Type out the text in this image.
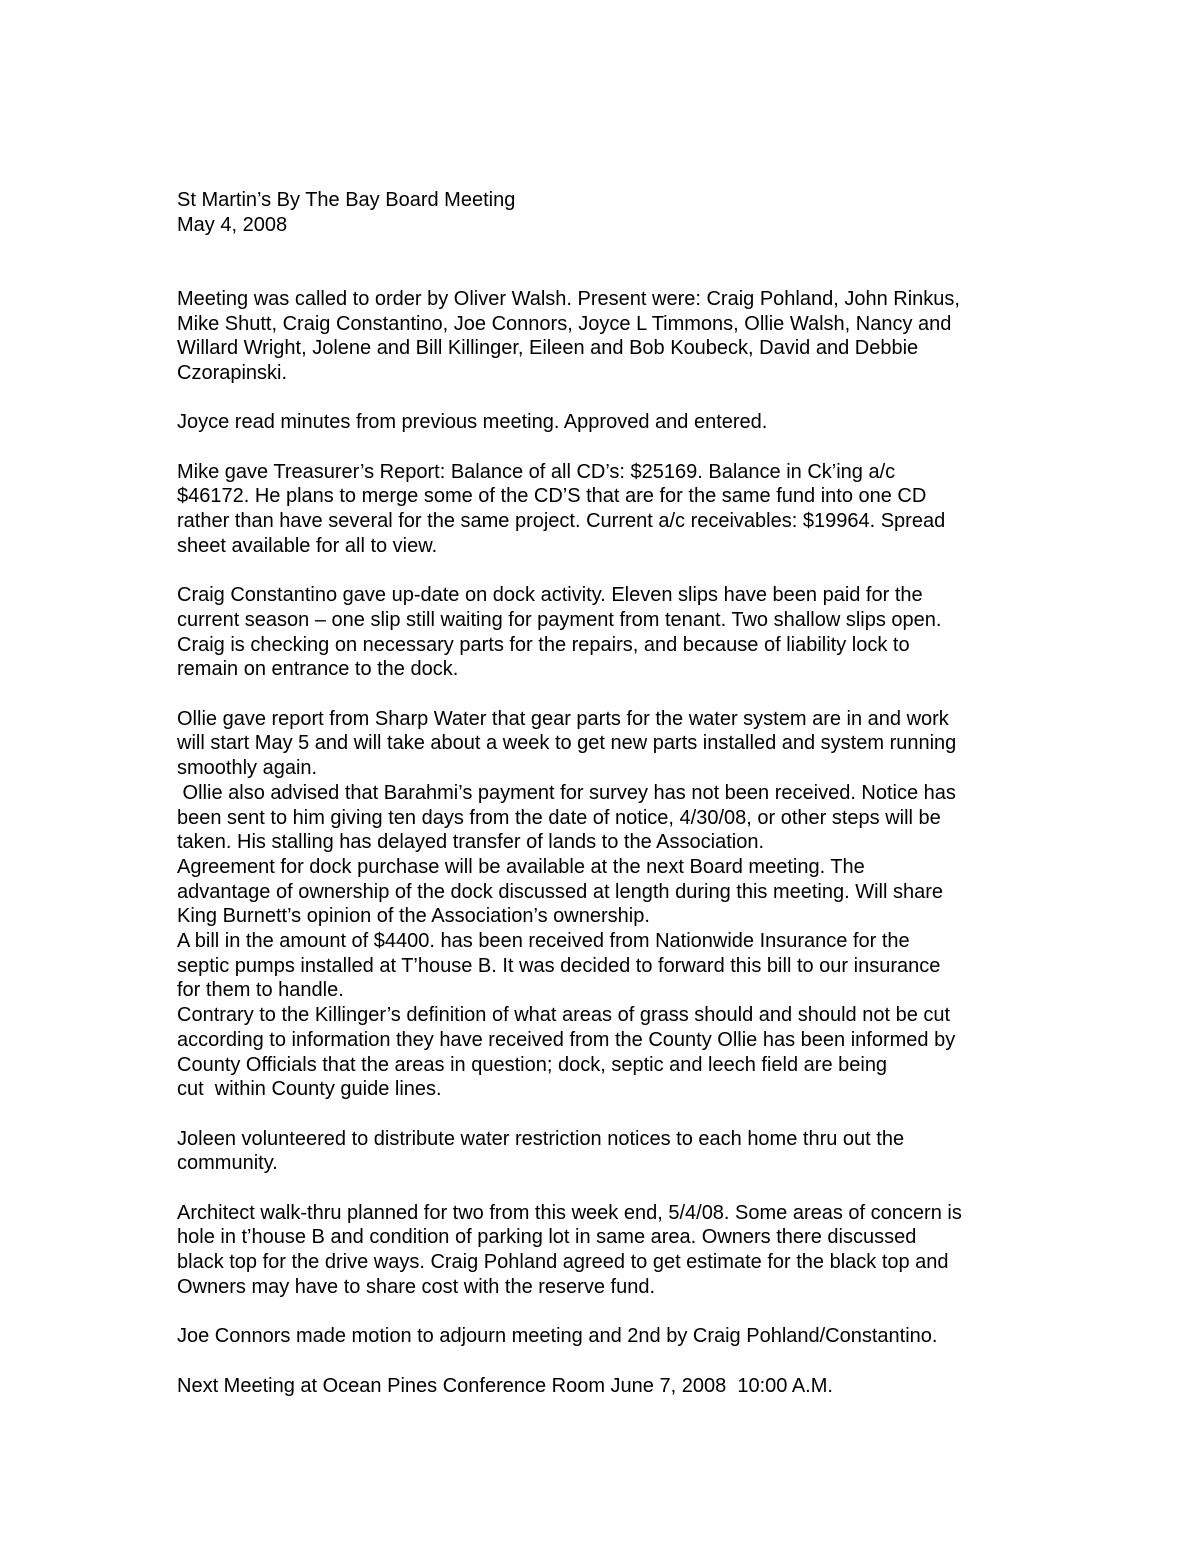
St Martin’s By The Bay Board Meeting
May 4, 2008
Meeting was called to order by Oliver Walsh. Present were: Craig Pohland, John Rinkus,
Mike Shutt, Craig Constantino, Joe Connors, Joyce L Timmons, Ollie Walsh, Nancy and
Willard Wright, Jolene and Bill Killinger, Eileen and Bob Koubeck, David and Debbie
Czorapinski.
Joyce read minutes from previous meeting. Approved and entered.
Mike gave Treasurer’s Report: Balance of all CD’s: $25169. Balance in Ck’ing a/c
$46172. He plans to merge some of the CD’S that are for the same fund into one CD
rather than have several for the same project. Current a/c receivables: $19964. Spread
sheet available for all to view.
Craig Constantino gave up-date on dock activity. Eleven slips have been paid for the
current season – one slip still waiting for payment from tenant. Two shallow slips open.
Craig is checking on necessary parts for the repairs, and because of liability lock to
remain on entrance to the dock.
Ollie gave report from Sharp Water that gear parts for the water system are in and work
will start May 5 and will take about a week to get new parts installed and system running
smoothly again.
Ollie also advised that Barahmi’s payment for survey has not been received. Notice has
been sent to him giving ten days from the date of notice, 4/30/08, or other steps will be
taken. His stalling has delayed transfer of lands to the Association.
Agreement for dock purchase will be available at the next Board meeting. The
advantage of ownership of the dock discussed at length during this meeting. Will share
King Burnett’s opinion of the Association’s ownership.
A bill in the amount of $4400. has been received from Nationwide Insurance for the
septic pumps installed at T’house B. It was decided to forward this bill to our insurance
for them to handle.
Contrary to the Killinger’s definition of what areas of grass should and should not be cut
according to information they have received from the County Ollie has been informed by
County Officials that the areas in question; dock, septic and leech field are being
cut  within County guide lines.
Joleen volunteered to distribute water restriction notices to each home thru out the
community.
Architect walk-thru planned for two from this week end, 5/4/08. Some areas of concern is
hole in t’house B and condition of parking lot in same area. Owners there discussed
black top for the drive ways. Craig Pohland agreed to get estimate for the black top and
Owners may have to share cost with the reserve fund.
Joe Connors made motion to adjourn meeting and 2nd by Craig Pohland/Constantino.
Next Meeting at Ocean Pines Conference Room June 7, 2008  10:00 A.M.
